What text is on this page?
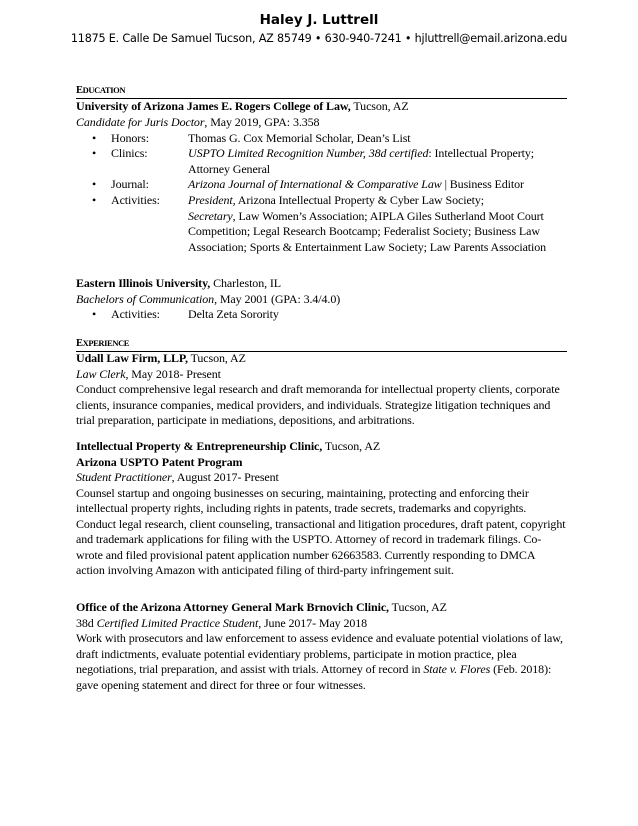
Haley J. Luttrell
11875 E. Calle De Samuel Tucson, AZ 85749 • 630-940-7241 • hjluttrell@email.arizona.edu
EDUCATION

University of Arizona James E. Rogers College of Law, Tucson, AZ

Candidate for Juris Doctor, May 2019, GPA: 3.358

• Honors:	Thomas G. Cox Memorial Scholar, Dean’s List
• Clinics:	USPTO Limited Recognition Number, 38d certified: Intellectual Property; Attorney General
• Journal:	Arizona Journal of International & Comparative Law | Business Editor
• Activities: President, Arizona Intellectual Property & Cyber Law Society;
Secretary, Law Women’s Association; AIPLA Giles Sutherland Moot Court Competition; Legal Research Bootcamp; Federalist Society; Business Law Association; Sports & Entertainment Law Society; Law Parents Association

Eastern Illinois University, Charleston, IL

Bachelors of Communication, May 2001 (GPA: 3.4/4.0)

• Activities: Delta Zeta Sorority
EXPERIENCE

Udall Law Firm, LLP, Tucson, AZ

Law Clerk, May 2018- Present

Conduct comprehensive legal research and draft memoranda for intellectual property clients, corporate clients, insurance companies, medical providers, and individuals. Strategize litigation techniques and trial preparation, participate in mediations, depositions, and arbitrations.

Intellectual Property & Entrepreneurship Clinic, Tucson, AZ

Arizona USPTO Patent Program

Student Practitioner, August 2017- Present

Counsel startup and ongoing businesses on securing, maintaining, protecting and enforcing their intellectual property rights, including rights in patents, trade secrets, trademarks and copyrights. Conduct legal research, client counseling, transactional and litigation procedures, draft patent, copyright and trademark applications for filing with the USPTO. Attorney of record in trademark filings. Co-wrote and filed provisional patent application number 62663583. Currently responding to DMCA action involving Amazon with anticipated filing of third-party infringement suit.

Office of the Arizona Attorney General Mark Brnovich Clinic, Tucson, AZ

38d Certified Limited Practice Student, June 2017- May 2018

Work with prosecutors and law enforcement to assess evidence and evaluate potential violations of law, draft indictments, evaluate potential evidentiary problems, participate in motion practice, plea negotiations, trial preparation, and assist with trials. Attorney of record in State v. Flores (Feb. 2018): gave opening statement and direct for three or four witnesses.
